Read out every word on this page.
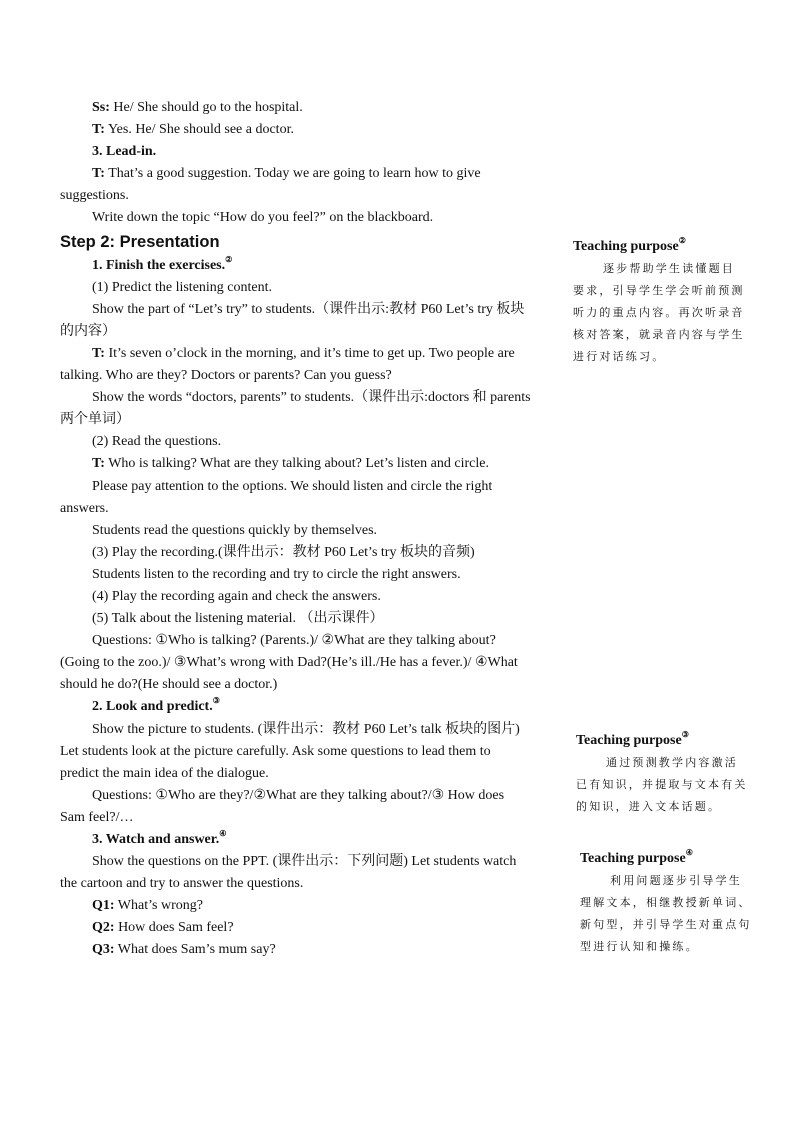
Ss: He/ She should go to the hospital.

T: Yes. He/ She should see a doctor.

3. Lead-in.

T: That’s a good suggestion. Today we are going to learn how to give suggestions.

Write down the topic “How do you feel?” on the blackboard.

Step 2: Presentation

1. Finish the exercises.②

(1) Predict the listening content.

Show the part of “Let’s try” to students.（课件出示:教材 P60 Let’s try 板块的内容）

T: It’s seven o’clock in the morning, and it’s time to get up. Two people are talking. Who are they? Doctors or parents? Can you guess?

Show the words “doctors, parents” to students.（课件出示:doctors 和 parents 两个单词）

(2) Read the questions.

T: Who is talking? What are they talking about? Let’s listen and circle.

Please pay attention to the options. We should listen and circle the right answers.

Students read the questions quickly by themselves.

(3) Play the recording.(课件出示：教材 P60 Let’s try 板块的音频)

Students listen to the recording and try to circle the right answers.

(4) Play the recording again and check the answers.

(5) Talk about the listening material. （出示课件）

Questions: ①Who is talking? (Parents.)/ ②What are they talking about? (Going to the zoo.)/ ③What’s wrong with Dad?(He’s ill./He has a fever.)/ ④What should he do?(He should see a doctor.)

2. Look and predict.③

Show the picture to students. (课件出示：教材 P60 Let’s talk 板块的图片) Let students look at the picture carefully. Ask some questions to lead them to predict the main idea of the dialogue.

Questions: ①Who are they?/②What are they talking about?/③ How does Sam feel?/…

3. Watch and answer.④

Show the questions on the PPT. (课件出示：下列问题) Let students watch the cartoon and try to answer the questions.

Q1: What’s wrong?

Q2: How does Sam feel?

Q3: What does Sam’s mum say?

Teaching purpose②

逐步帮助学生读懂题目要求，引导学生学会听前预测听力的重点内容。再次听录音核对答案，就录音内容与学生进行对话练习。

Teaching purpose③

通过预测教学内容激活已有知识，并提取与文本有关的知识，进入文本话题。

Teaching purpose④

利用问题逐步引导学生理解文本，相继教授新单词、新句型，并引导学生对重点句型进行认知和操练。
